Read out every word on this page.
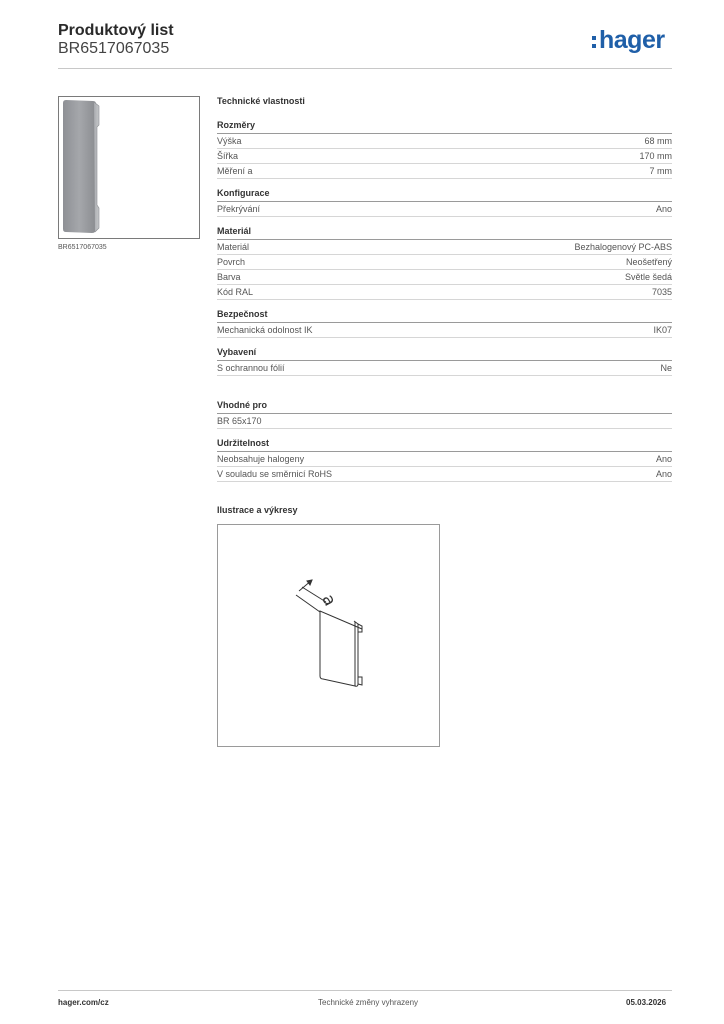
Produktový list
BR6517067035	hager
BR6517067035
Technické vlastnosti
Rozměry
Výška	68 mm
Šířka	170 mm
Měření a	7 mm
Konfigurace
Překrývání	Ano
Materiál
Materiál	Bezhalogenový PC-ABS
Povrch	Neošetřený
Barva	Světle šedá
Kód RAL	7035
Bezpečnost
Mechanická odolnost IK	IK07
Vybavení
S ochrannou fólií	Ne
Vhodné pro
BR 65x170
Udržitelnost
Neobsahuje halogeny	Ano
V souladu se směrnicí RoHS	Ano
Ilustrace a výkresy
a
hager.com/cz	Technické změny vyhrazeny	05.03.2026
